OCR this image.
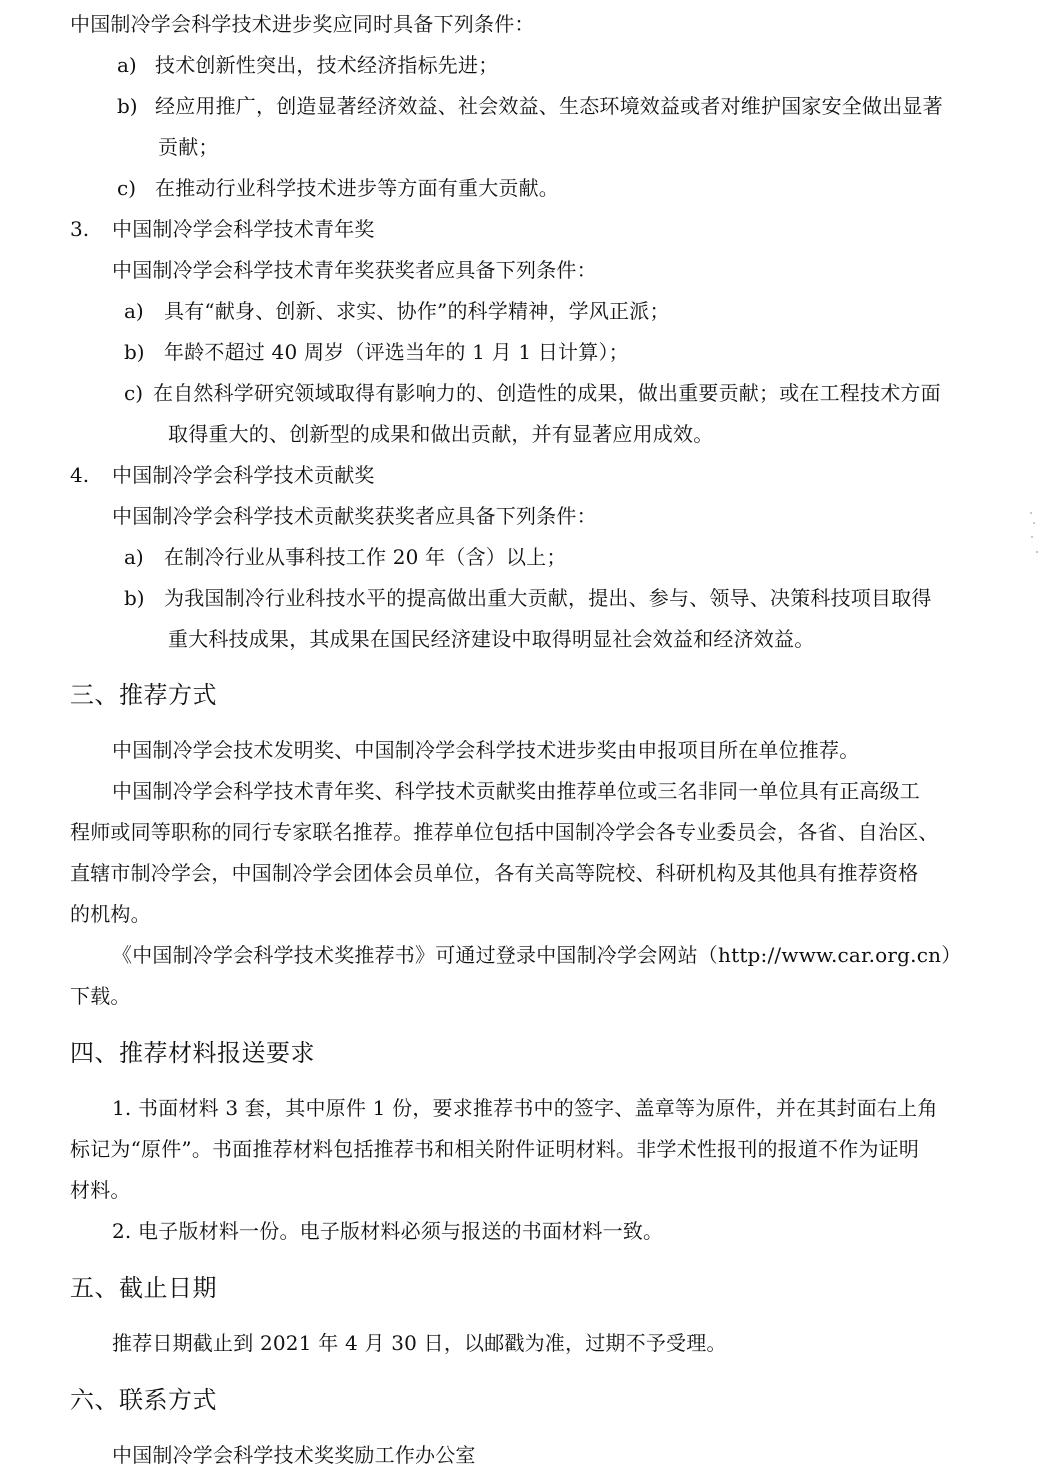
中国制冷学会科学技术进步奖应同时具备下列条件：
a) 技术创新性突出，技术经济指标先进；
b) 经应用推广，创造显著经济效益、社会效益、生态环境效益或者对维护国家安全做出显著
贡献；
c) 在推动行业科学技术进步等方面有重大贡献。
3. 中国制冷学会科学技术青年奖
中国制冷学会科学技术青年奖获奖者应具备下列条件：
a) 具有“献身、创新、求实、协作”的科学精神，学风正派；
b) 年龄不超过 40 周岁（评选当年的 1 月 1 日计算）；
c) 在自然科学研究领域取得有影响力的、创造性的成果，做出重要贡献；或在工程技术方面
取得重大的、创新型的成果和做出贡献，并有显著应用成效。
4. 中国制冷学会科学技术贡献奖
中国制冷学会科学技术贡献奖获奖者应具备下列条件：
a) 在制冷行业从事科技工作 20 年（含）以上；
b) 为我国制冷行业科技水平的提高做出重大贡献，提出、参与、领导、决策科技项目取得
重大科技成果，其成果在国民经济建设中取得明显社会效益和经济效益。
三、推荐方式
中国制冷学会技术发明奖、中国制冷学会科学技术进步奖由申报项目所在单位推荐。
中国制冷学会科学技术青年奖、科学技术贡献奖由推荐单位或三名非同一单位具有正高级工
程师或同等职称的同行专家联名推荐。推荐单位包括中国制冷学会各专业委员会，各省、自治区、
直辖市制冷学会，中国制冷学会团体会员单位，各有关高等院校、科研机构及其他具有推荐资格
的机构。
《中国制冷学会科学技术奖推荐书》可通过登录中国制冷学会网站（http://www.car.org.cn）
下载。
四、推荐材料报送要求
1. 书面材料 3 套，其中原件 1 份，要求推荐书中的签字、盖章等为原件，并在其封面右上角
标记为“原件”。书面推荐材料包括推荐书和相关附件证明材料。非学术性报刊的报道不作为证明
材料。
2. 电子版材料一份。电子版材料必须与报送的书面材料一致。
五、截止日期
推荐日期截止到 2021 年 4 月 30 日，以邮戳为准，过期不予受理。
六、联系方式
中国制冷学会科学技术奖奖励工作办公室
